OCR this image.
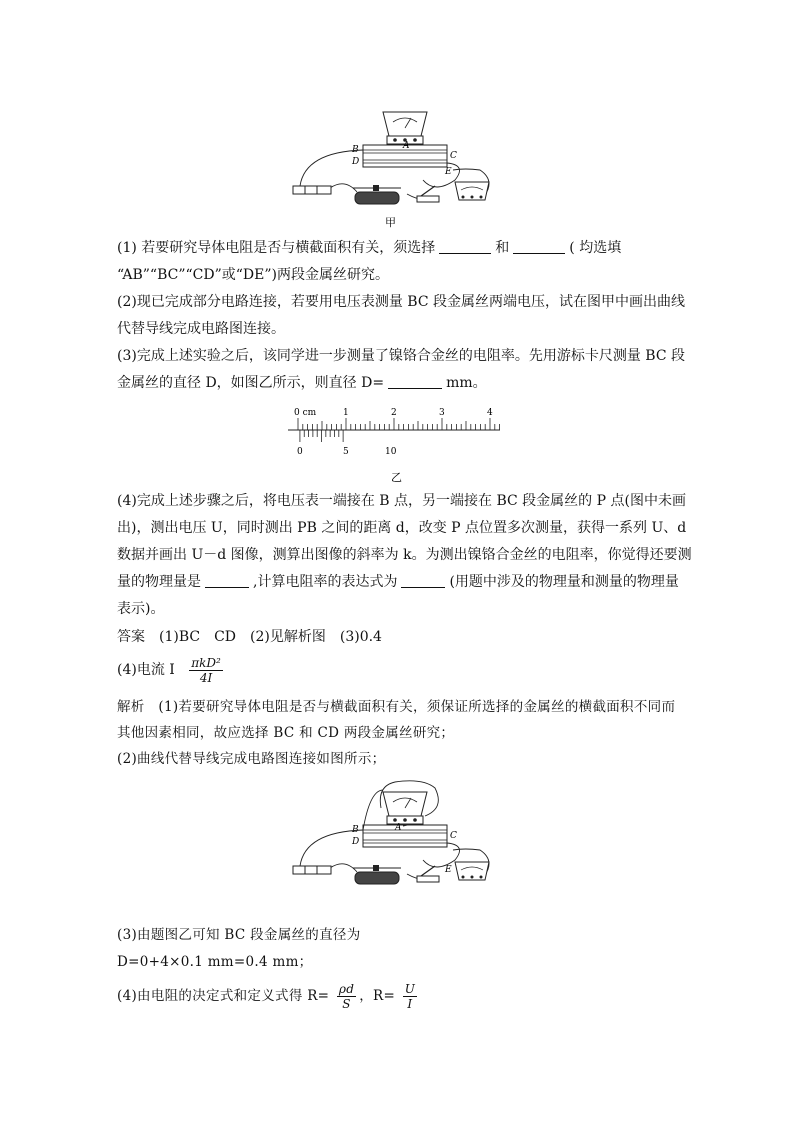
B	A
D
C
E
甲
(1) 若要研究导体电阻是否与横截面积有关，须选择	和	( 均选填
“AB”“BC”“CD”或“DE”)两段金属丝研究。
(2)现已完成部分电路连接，若要用电压表测量 BC 段金属丝两端电压，试在图甲中画出曲线
代替导线完成电路图连接。
(3)完成上述实验之后，该同学进一步测量了镍铬合金丝的电阻率。先用游标卡尺测量 BC 段
金属丝的直径 D，如图乙所示，则直径 D=	mm。
0 cm	1	2	3	4
0	5	10
乙
(4)完成上述步骤之后，将电压表一端接在 B 点，另一端接在 BC 段金属丝的 P 点(图中未画
出)，测出电压 U，同时测出 PB 之间的距离 d，改变 P 点位置多次测量，获得一系列 U、d
数据并画出 U－d 图像，测算出图像的斜率为 k。为测出镍铬合金丝的电阻率，你觉得还要测
量的物理量是	,计算电阻率的表达式为	(用题中涉及的物理量和测量的物理量
表示)。
答案　 (1)BC　CD　(2)见解析图　(3)0.4
(4)电流 I $\frac{\text{πkD²}}{4I}$
解析　 (1)若要研究导体电阻是否与横截面积有关，须保证所选择的金属丝的横截面积不同而
其他因素相同，故应选择 BC 和 CD 两段金属丝研究；
(2)曲线代替导线完成电路图连接如图所示；
B	A
D
C
E
(3)由题图乙可知 BC 段金属丝的直径为
D=0+4×0.1 mm=0.4 mm；
(4)由电阻的决定式和定义式得 $R= \frac{\rho d}{S}$ ，$R= \frac{U}{I}$
